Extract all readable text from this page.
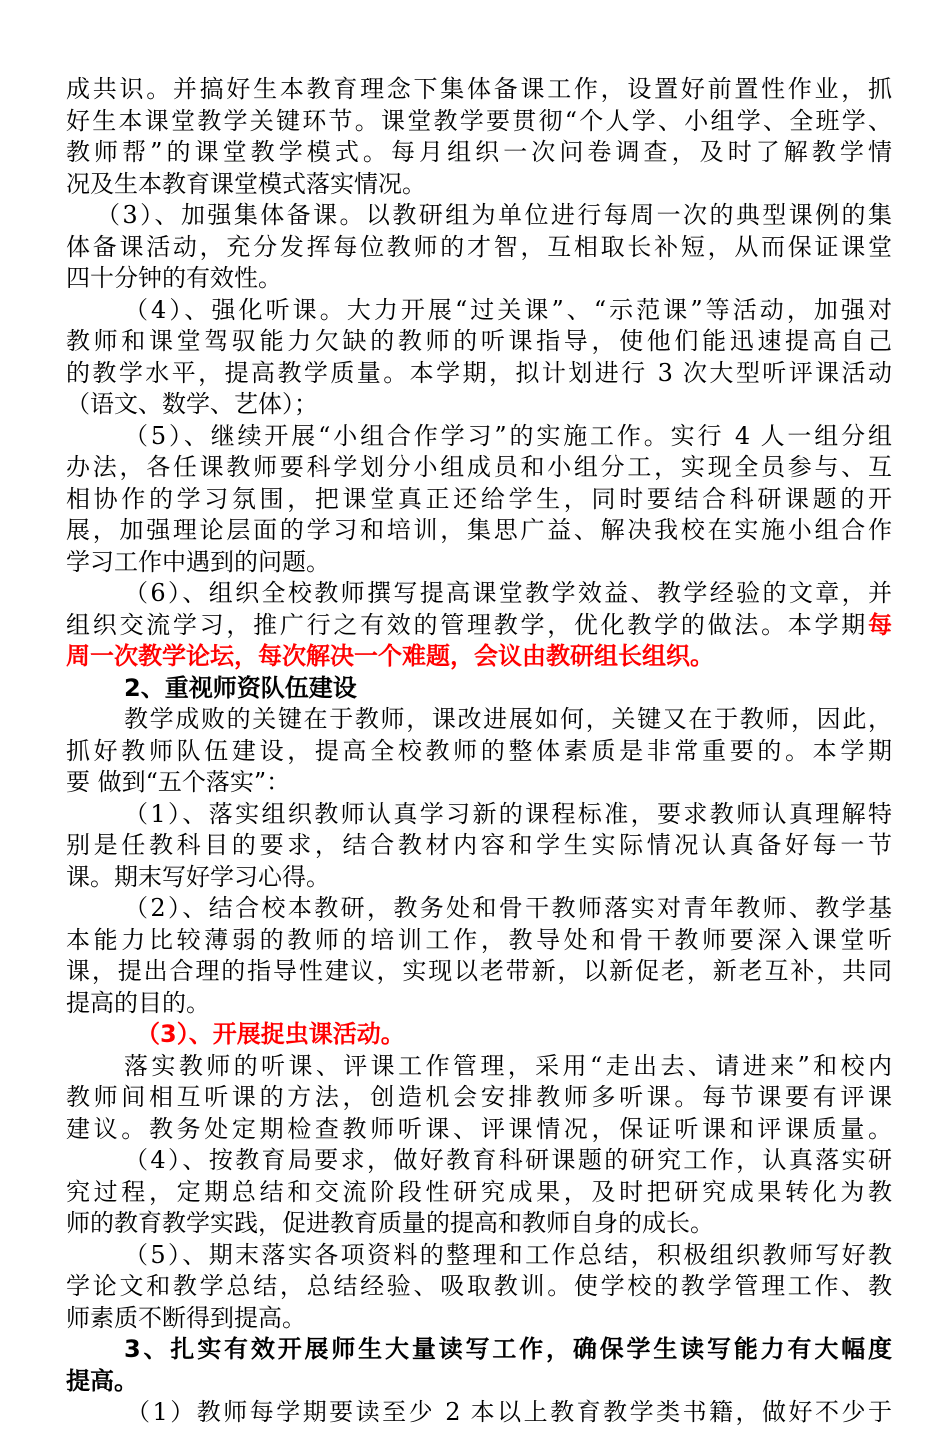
成共识。并搞好生本教育理念下集体备课工作，设置好前置性作业，抓
好生本课堂教学关键环节。课堂教学要贯彻“个人学、小组学、全班学、
教师帮”的课堂教学模式。每月组织一次问卷调查，及时了解教学情
况及生本教育课堂模式落实情况。
（3）、加强集体备课。以教研组为单位进行每周一次的典型课例的集
体备课活动，充分发挥每位教师的才智，互相取长补短，从而保证课堂
四十分钟的有效性。
（4）、强化听课。大力开展“过关课”、“示范课”等活动，加强对
教师和课堂驾驭能力欠缺的教师的听课指导，使他们能迅速提高自己
的教学水平，提高教学质量。本学期，拟计划进行 3 次大型听评课活动
（语文、数学、艺体）；
（5）、继续开展“小组合作学习”的实施工作。实行 4 人一组分组
办法，各任课教师要科学划分小组成员和小组分工，实现全员参与、互
相协作的学习氛围，把课堂真正还给学生，同时要结合科研课题的开
展，加强理论层面的学习和培训，集思广益、解决我校在实施小组合作
学习工作中遇到的问题。
（6）、组织全校教师撰写提高课堂教学效益、教学经验的文章，并
组织交流学习，推广行之有效的管理教学，优化教学的做法。本学期每
周一次教学论坛，每次解决一个难题，会议由教研组长组织。
2、重视师资队伍建设
教学成败的关键在于教师，课改进展如何，关键又在于教师，因此，
抓好教师队伍建设，提高全校教师的整体素质是非常重要的。本学期
要 做到“五个落实”：
（1）、落实组织教师认真学习新的课程标准，要求教师认真理解特
别是任教科目的要求，结合教材内容和学生实际情况认真备好每一节
课。期末写好学习心得。
（2）、结合校本教研，教务处和骨干教师落实对青年教师、教学基
本能力比较薄弱的教师的培训工作，教导处和骨干教师要深入课堂听
课，提出合理的指导性建议，实现以老带新，以新促老，新老互补，共同
提高的目的。
（3）、开展捉虫课活动。
落实教师的听课、评课工作管理，采用“走出去、请进来”和校内
教师间相互听课的方法，创造机会安排教师多听课。每节课要有评课
建议。教务处定期检查教师听课、评课情况，保证听课和评课质量。
（4）、按教育局要求，做好教育科研课题的研究工作，认真落实研
究过程，定期总结和交流阶段性研究成果，及时把研究成果转化为教
师的教育教学实践，促进教育质量的提高和教师自身的成长。
（5）、期末落实各项资料的整理和工作总结，积极组织教师写好教
学论文和教学总结，总结经验、吸取教训。使学校的教学管理工作、教
师素质不断得到提高。
3、扎实有效开展师生大量读写工作，确保学生读写能力有大幅度
提高。
（1）教师每学期要读至少 2 本以上教育教学类书籍，做好不少于
